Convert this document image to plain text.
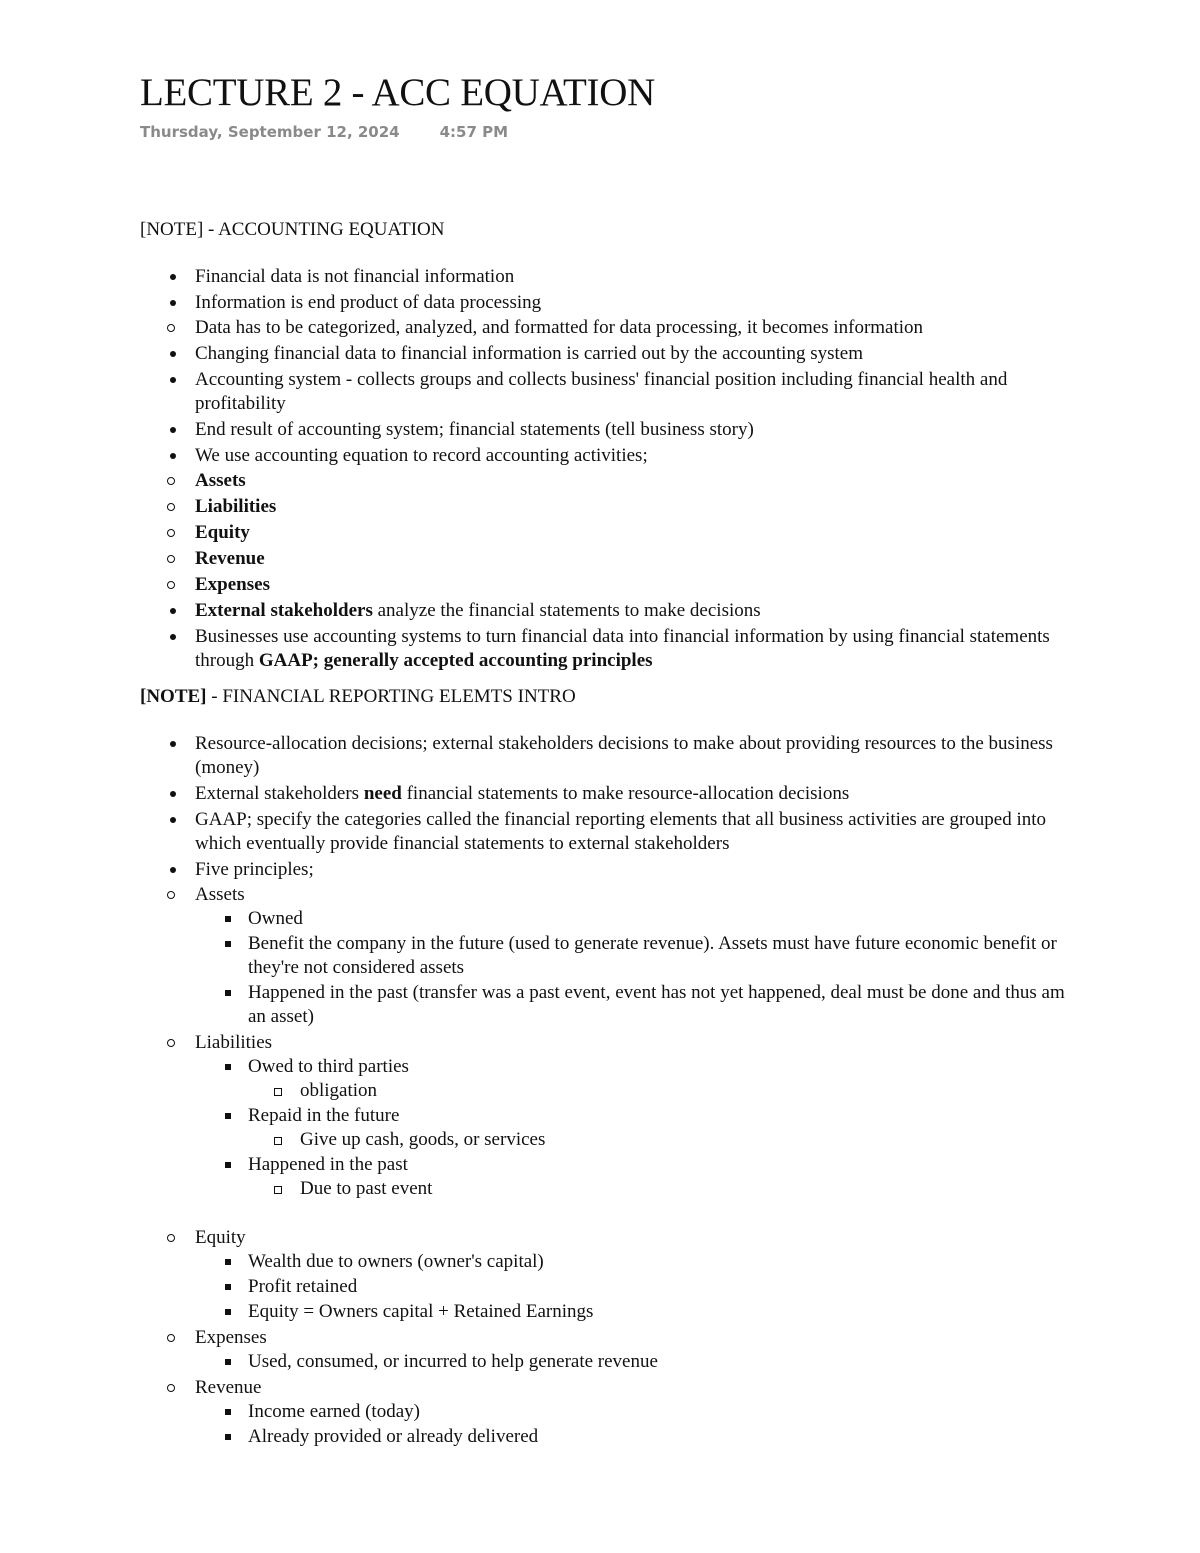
LECTURE 2 - ACC EQUATION
Thursday, September 12, 2024	4:57 PM

[NOTE] - ACCOUNTING EQUATION

Financial data is not financial information
Information is end product of data processing
Data has to be categorized, analyzed, and formatted for data processing, it becomes information
Changing financial data to financial information is carried out by the accounting system
Accounting system - collects groups and collects business' financial position including financial health and profitability
End result of accounting system; financial statements (tell business story)
We use accounting equation to record accounting activities;
Assets
Liabilities
Equity
Revenue
Expenses
External stakeholders analyze the financial statements to make decisions
Businesses use accounting systems to turn financial data into financial information by using financial statements through GAAP; generally accepted accounting principles

[NOTE] - FINANCIAL REPORTING ELEMTS INTRO

Resource-allocation decisions; external stakeholders decisions to make about providing resources to the business (money)
External stakeholders need financial statements to make resource-allocation decisions
GAAP; specify the categories called the financial reporting elements that all business activities are grouped into which eventually provide financial statements to external stakeholders
Five principles;
Assets
Owned
Benefit the company in the future (used to generate revenue). Assets must have future economic benefit or they're not considered assets
Happened in the past (transfer was a past event, event has not yet happened, deal must be done and thus am an asset)
Liabilities
Owed to third parties
obligation
Repaid in the future
Give up cash, goods, or services
Happened in the past
Due to past event
Equity
Wealth due to owners (owner's capital)
Profit retained
Equity = Owners capital + Retained Earnings
Expenses
Used, consumed, or incurred to help generate revenue
Revenue
Income earned (today)
Already provided or already delivered
